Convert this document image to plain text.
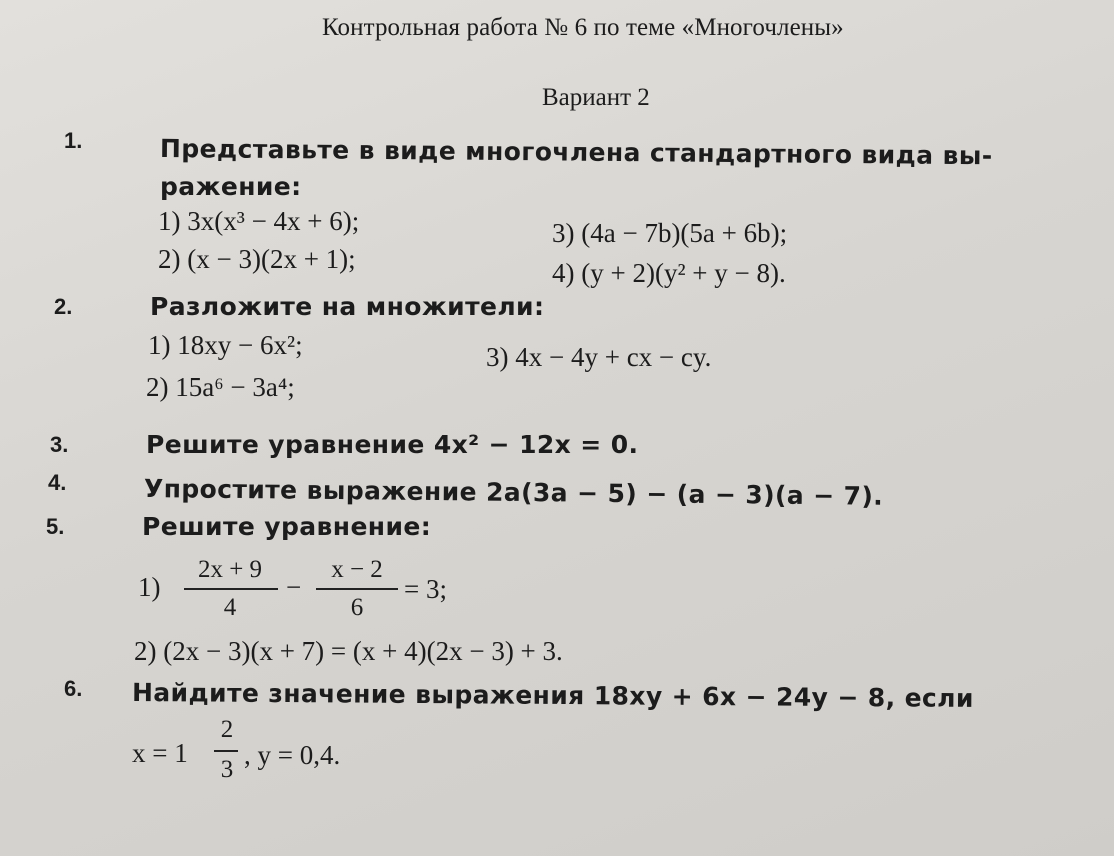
Контрольная работа № 6 по теме «Многочлены»
Вариант 2
1.	Представьте в виде многочлена стандартного вида вы-
ражение:
1) 3x(x³ − 4x + 6);
2) (x − 3)(2x + 1);
3) (4a − 7b)(5a + 6b);
4) (y + 2)(y² + y − 8).
2.	Разложите на множители:
1) 18xy − 6x²;
2) 15a⁶ − 3a⁴;
3) 4x − 4y + cx − cy.
3.	Решите уравнение 4x² − 12x = 0.
4.	Упростите выражение 2a(3a − 5) − (a − 3)(a − 7).
5.	Решите уравнение:
1)
2x + 9
4
−
x − 2
6
= 3;
2) (2x − 3)(x + 7) = (x + 4)(2x − 3) + 3.
6. Найдите значение выражения 18xy + 6x − 24y − 8, если
x = 1
2
3 , y = 0,4.
